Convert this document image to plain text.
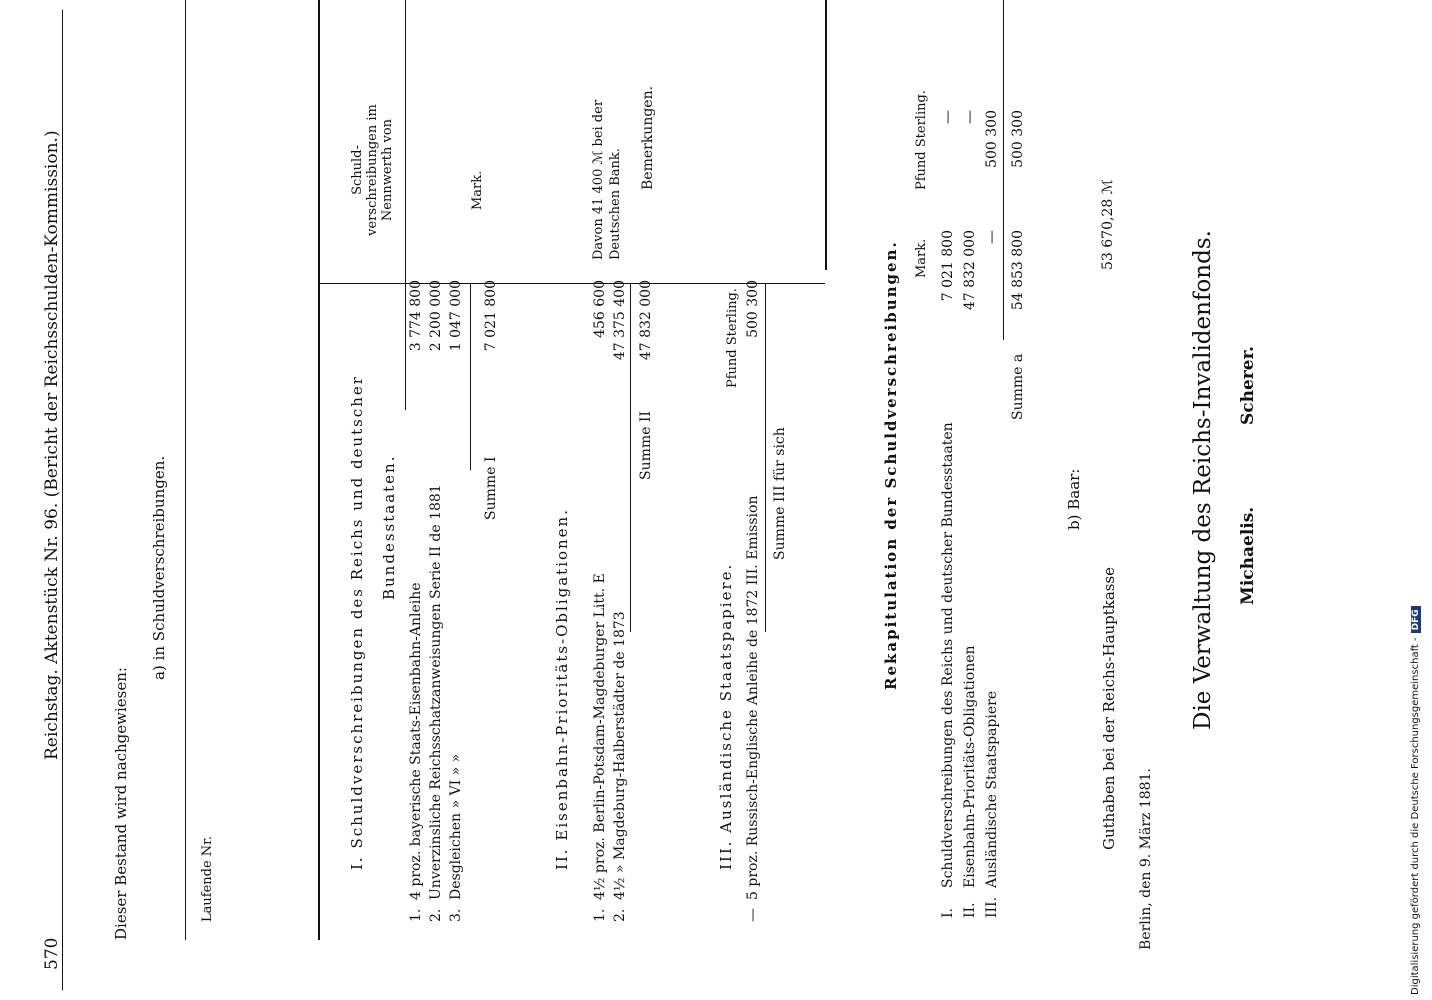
570
Reichstag. Aktenstück Nr. 96. (Bericht der Reichsschulden-Kommission.)
Dieser Bestand wird nachgewiesen:
a) in Schuldverschreibungen.
Laufende Nr.
Schuld- verschreibungen im Nennwerth von	Mark.
Bemerkungen.
I. Schuldverschreibungen des Reichs und deutscher Bundesstaaten.
1.
4 proz. bayerische Staats-Eisenbahn-Anleihe
3 774 800
2.
Unverzinsliche Reichsschatzanweisungen Serie II de 1881
2 200 000
3.
Desgleichen » VI » »
1 047 000
Summe I
7 021 800
II. Eisenbahn-Prioritäts-Obligationen.
1.
4½ proz. Berlin-Potsdam-Magdeburger Litt. E
456 600
2.
4½ » Magdeburg-Halberstädter de 1873
47 375 400
Summe II
47 832 000
Davon 41 400 ℳ bei der Deutschen Bank.
III. Ausländische Staatspapiere.
—
5 proz. Russisch-Englische Anleihe de 1872 III. Emission
Pfund Sterling. 500 300
Summe III für sich	Rekapitulation der Schuldverschreibungen. Mark.
Pfund Sterling.
I.
Schuldverschreibungen des Reichs und deutscher Bundesstaaten
7 021 800
—
II.
Eisenbahn-Prioritäts-Obligationen
47 832 000
—
III.
Ausländische Staatspapiere
—
500 300
Summe a
54 853 800
500 300
b) Baar:
Guthaben bei der Reichs-Hauptkasse
53 670,28 ℳ
Berlin, den 9. März 1881.
Die Verwaltung des Reichs-Invalidenfonds. Michaelis.
Scherer.
Digitalisierung gefördert durch die Deutsche Forschungsgemeinschaft -DFG
